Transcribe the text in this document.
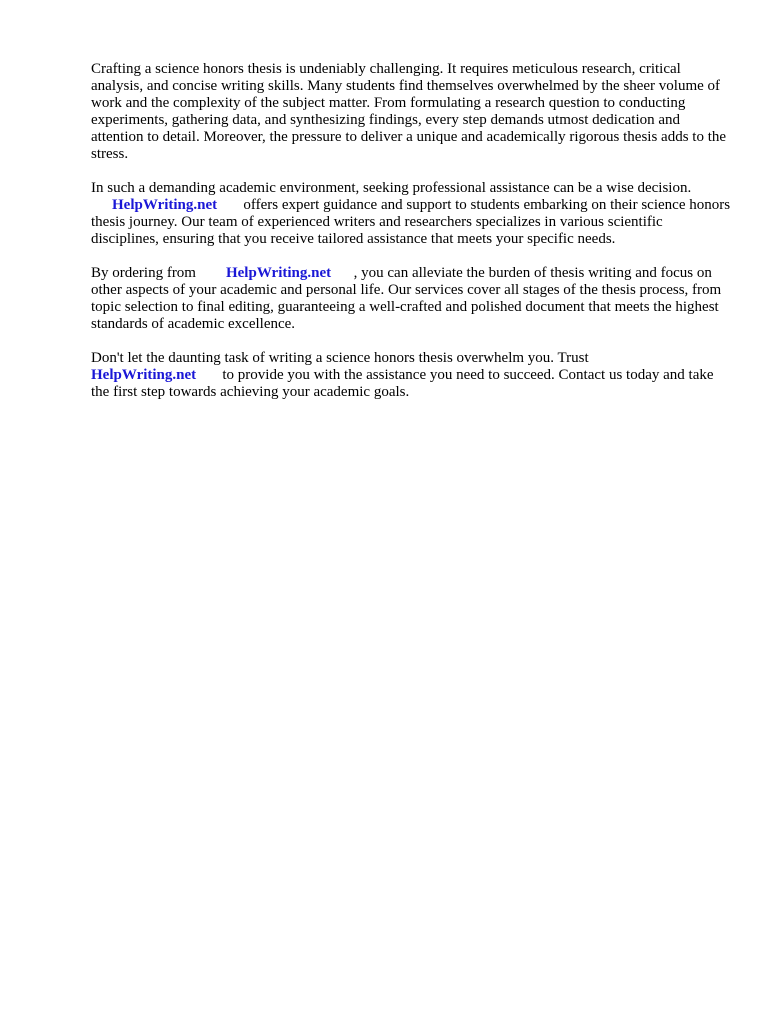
Crafting a science honors thesis is undeniably challenging. It requires meticulous research, critical analysis, and concise writing skills. Many students find themselves overwhelmed by the sheer volume of work and the complexity of the subject matter. From formulating a research question to conducting experiments, gathering data, and synthesizing findings, every step demands utmost dedication and attention to detail. Moreover, the pressure to deliver a unique and academically rigorous thesis adds to the stress.

In such a demanding academic environment, seeking professional assistance can be a wise decision.
HelpWriting.net offers expert guidance and support to students embarking on their science honors thesis journey. Our team of experienced writers and researchers specializes in various scientific disciplines, ensuring that you receive tailored assistance that meets your specific needs.

By ordering from HelpWriting.net , you can alleviate the burden of thesis writing and focus on other aspects of your academic and personal life. Our services cover all stages of the thesis process, from topic selection to final editing, guaranteeing a well-crafted and polished document that meets the highest standards of academic excellence.

Don't let the daunting task of writing a science honors thesis overwhelm you. Trust
HelpWriting.net to provide you with the assistance you need to succeed. Contact us today and take the first step towards achieving your academic goals.
